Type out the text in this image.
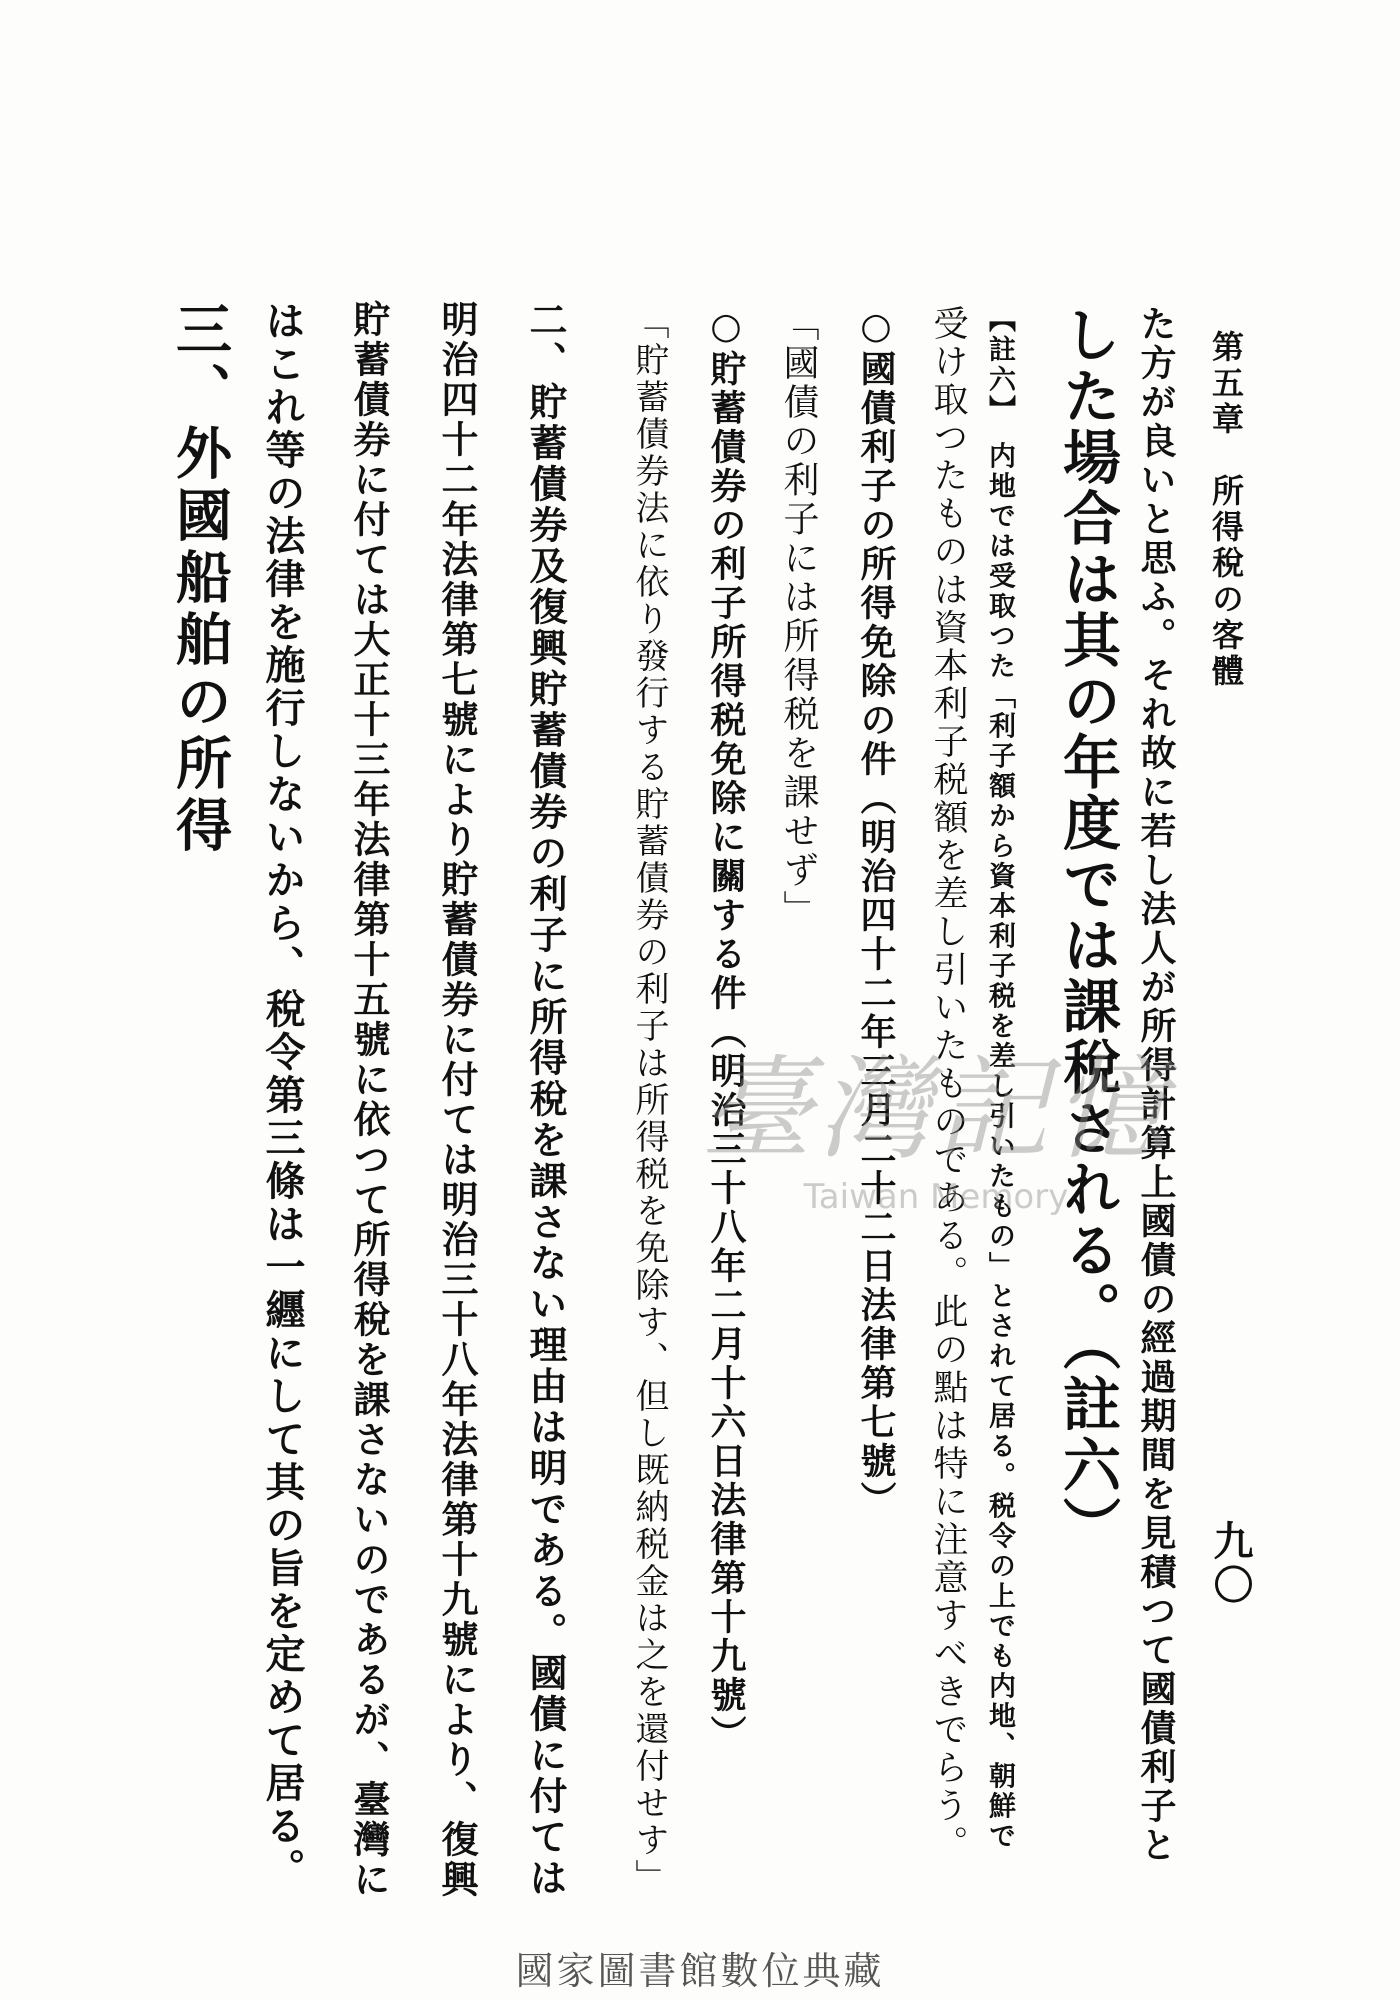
第五章　所得稅の客體
九〇
た方が良いと思ふ。それ故に若し法人が所得計算上國債の經過期間を見積つて國債利子と
した場合は其の年度では課稅される。（註六）
【註六】　内地では受取つた「利子額から資本利子税を差し引いたもの」とされて居る。税令の上でも内地、朝鮮で
受け取つたものは資本利子税額を差し引いたものである。此の點は特に注意すべきでらう。
○國債利子の所得免除の件（明治四十二年三月二十二日法律第七號）
「國債の利子には所得税を課せず」
○貯蓄債券の利子所得税免除に關する件（明治三十八年二月十六日法律第十九號）
「貯蓄債券法に依り發行する貯蓄債券の利子は所得税を免除す、但し既納税金は之を還付せす」
二、貯蓄債券及復興貯蓄債券の利子に所得稅を課さない理由は明である。國債に付ては
明治四十二年法律第七號により貯蓄債券に付ては明治三十八年法律第十九號により、復興
貯蓄債券に付ては大正十三年法律第十五號に依つて所得稅を課さないのであるが、臺灣に
はこれ等の法律を施行しないから、稅令第三條は一纒にして其の旨を定めて居る。
三、外國船舶の所得
臺灣記憶
Taiwan Memory
國家圖書館數位典藏
